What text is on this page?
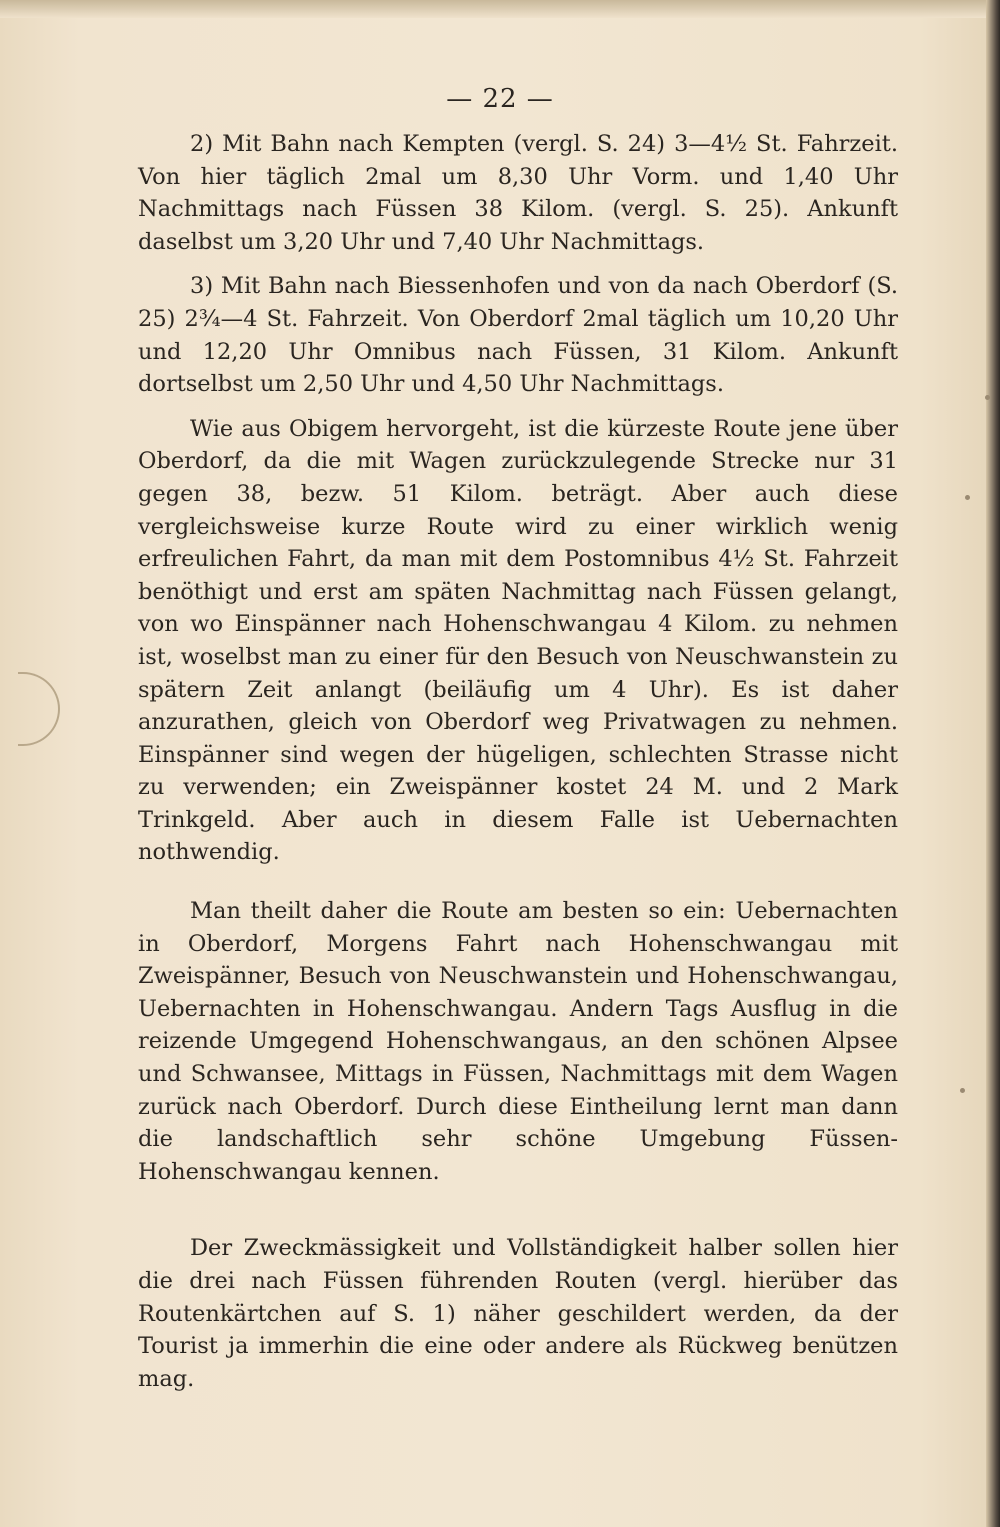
— 22 —

2) Mit Bahn nach Kempten (vergl. S. 24) 3—4½ St. Fahrzeit. Von hier täglich 2mal um 8,30 Uhr Vorm. und 1,40 Uhr Nachmittags nach Füssen 38 Kilom. (vergl. S. 25). Ankunft daselbst um 3,20 Uhr und 7,40 Uhr Nachmittags.

3) Mit Bahn nach Biessenhofen und von da nach Oberdorf (S. 25) 2¾—4 St. Fahrzeit. Von Oberdorf 2mal täglich um 10,20 Uhr und 12,20 Uhr Omnibus nach Füssen, 31 Kilom. Ankunft dortselbst um 2,50 Uhr und 4,50 Uhr Nachmittags.

Wie aus Obigem hervorgeht, ist die kürzeste Route jene über Oberdorf, da die mit Wagen zurückzulegende Strecke nur 31 gegen 38, bezw. 51 Kilom. beträgt. Aber auch diese vergleichsweise kurze Route wird zu einer wirklich wenig erfreulichen Fahrt, da man mit dem Postomnibus 4½ St. Fahrzeit benöthigt und erst am späten Nachmittag nach Füssen gelangt, von wo Einspänner nach Hohenschwangau 4 Kilom. zu nehmen ist, woselbst man zu einer für den Besuch von Neuschwanstein zu spätern Zeit anlangt (beiläufig um 4 Uhr). Es ist daher anzurathen, gleich von Oberdorf weg Privatwagen zu nehmen. Einspänner sind wegen der hügeligen, schlechten Strasse nicht zu verwenden; ein Zweispänner kostet 24 M. und 2 Mark Trinkgeld. Aber auch in diesem Falle ist Uebernachten nothwendig.

Man theilt daher die Route am besten so ein: Uebernachten in Oberdorf, Morgens Fahrt nach Hohenschwangau mit Zweispänner, Besuch von Neuschwanstein und Hohenschwangau, Uebernachten in Hohenschwangau. Andern Tags Ausflug in die reizende Umgegend Hohenschwangaus, an den schönen Alpsee und Schwansee, Mittags in Füssen, Nachmittags mit dem Wagen zurück nach Oberdorf. Durch diese Eintheilung lernt man dann die landschaftlich sehr schöne Umgebung Füssen-Hohenschwangau kennen.

Der Zweckmässigkeit und Vollständigkeit halber sollen hier die drei nach Füssen führenden Routen (vergl. hierüber das Routenkärtchen auf S. 1) näher geschildert werden, da der Tourist ja immerhin die eine oder andere als Rückweg benützen mag.
